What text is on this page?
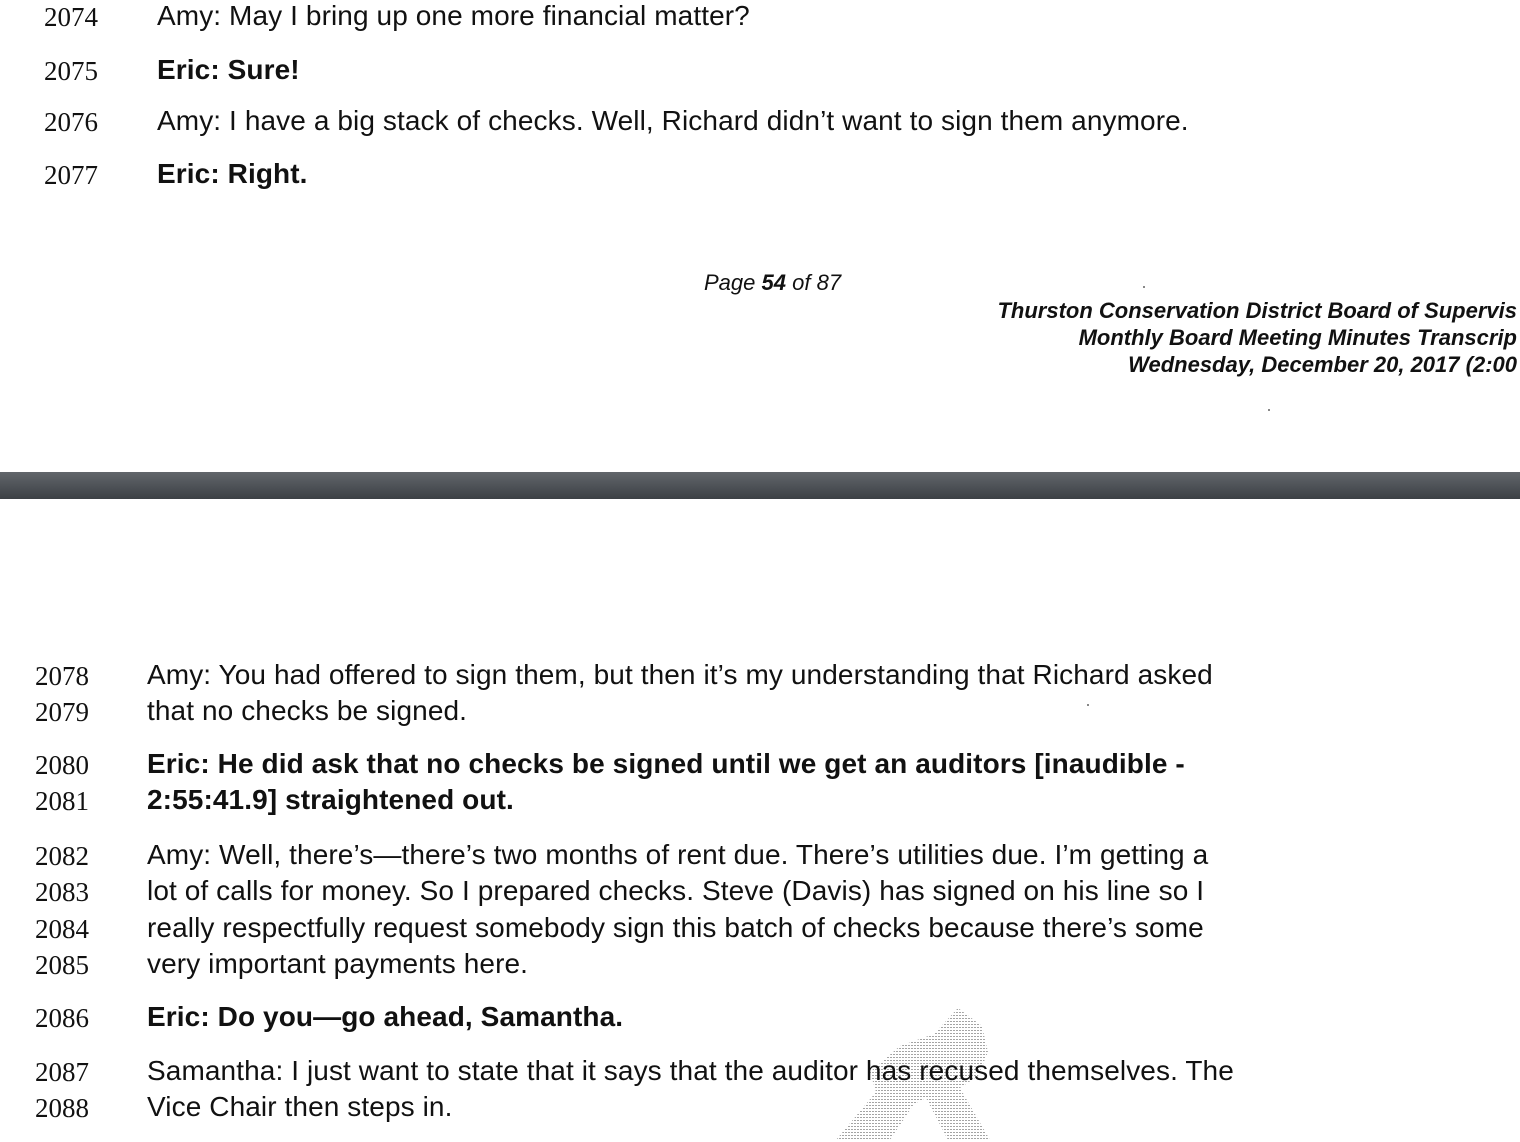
2074 Amy: May I bring up one more financial matter?
2075 Eric: Sure!
2076 Amy: I have a big stack of checks. Well, Richard didn’t want to sign them anymore.
2077 Eric: Right.
Page 54 of 87
Thurston Conservation District Board of Supervis
Monthly Board Meeting Minutes Transcrip
Wednesday, December 20, 2017 (2:00
2078 Amy: You had offered to sign them, but then it’s my understanding that Richard asked
2079 that no checks be signed.
2080 Eric: He did ask that no checks be signed until we get an auditors [inaudible -
2081 2:55:41.9] straightened out.
2082 Amy: Well, there’s—there’s two months of rent due. There’s utilities due. I’m getting a
2083 lot of calls for money. So I prepared checks. Steve (Davis) has signed on his line so I
2084 really respectfully request somebody sign this batch of checks because there’s some
2085 very important payments here.
2086 Eric: Do you—go ahead, Samantha.
2087 Samantha: I just want to state that it says that the auditor has recused themselves. The
2088 Vice Chair then steps in.
